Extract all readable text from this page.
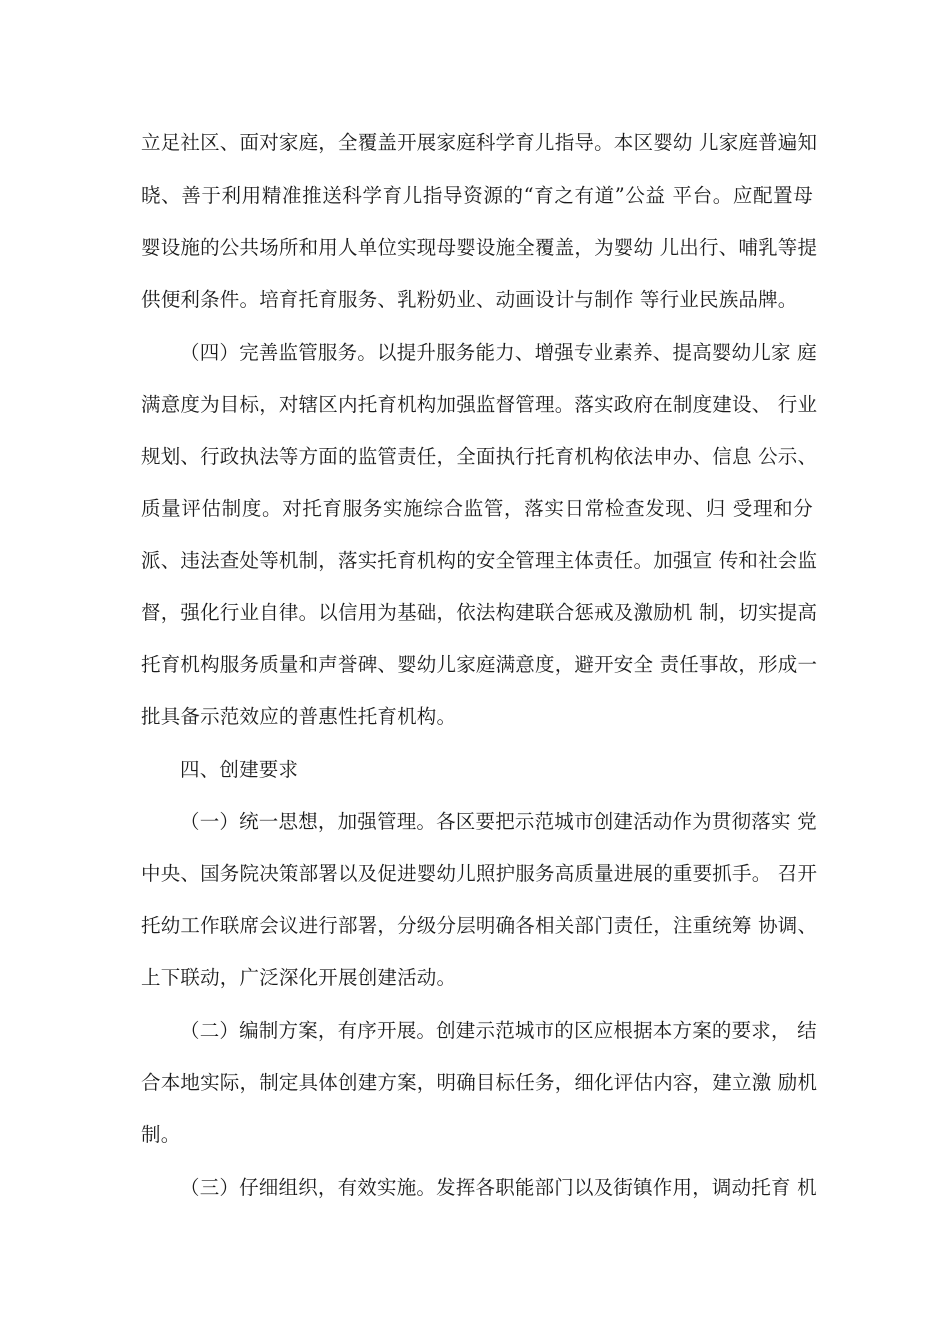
立足社区、面对家庭，全覆盖开展家庭科学育儿指导。本区婴幼 儿家庭普遍知
晓、善于利用精准推送科学育儿指导资源的“育之有道”公益 平台。应配置母
婴设施的公共场所和用人单位实现母婴设施全覆盖，为婴幼 儿出行、哺乳等提
供便利条件。培育托育服务、乳粉奶业、动画设计与制作 等行业民族品牌。
（四）完善监管服务。以提升服务能力、增强专业素养、提高婴幼儿家 庭
满意度为目标，对辖区内托育机构加强监督管理。落实政府在制度建设、 行业
规划、行政执法等方面的监管责任，全面执行托育机构依法申办、信息 公示、
质量评估制度。对托育服务实施综合监管，落实日常检查发现、归 受理和分
派、违法查处等机制，落实托育机构的安全管理主体责任。加强宣 传和社会监
督，强化行业自律。以信用为基础，依法构建联合惩戒及激励机 制，切实提高
托育机构服务质量和声誉碑、婴幼儿家庭满意度，避开安全 责任事故，形成一
批具备示范效应的普惠性托育机构。
四、创建要求
（一）统一思想，加强管理。各区要把示范城市创建活动作为贯彻落实 党
中央、国务院决策部署以及促进婴幼儿照护服务高质量进展的重要抓手。 召开
托幼工作联席会议进行部署，分级分层明确各相关部门责任，注重统筹 协调、
上下联动，广泛深化开展创建活动。
（二）编制方案，有序开展。创建示范城市的区应根据本方案的要求， 结
合本地实际，制定具体创建方案，明确目标任务，细化评估内容，建立激 励机
制。
（三）仔细组织，有效实施。发挥各职能部门以及街镇作用，调动托育 机
